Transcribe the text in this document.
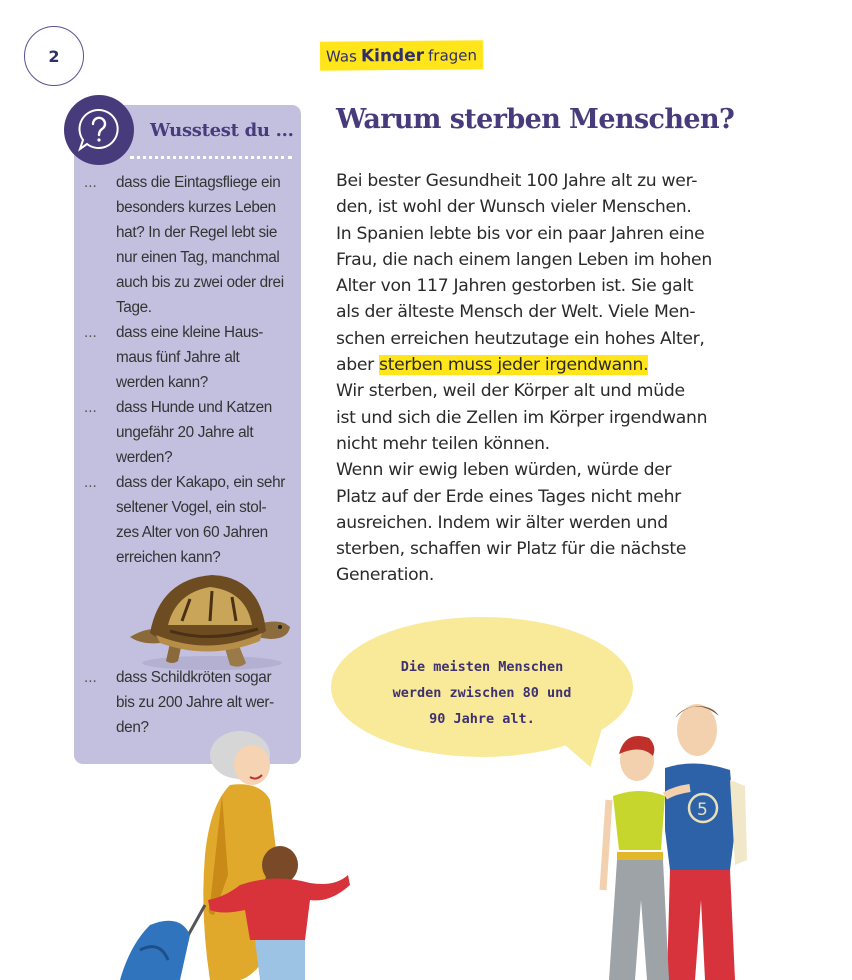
2	Was Kinder fragen
Wusstest du ...
...	dass die Eintagsfliege ein
besonders kurzes Leben
hat? In der Regel lebt sie
nur einen Tag, manchmal
auch bis zu zwei oder drei
Tage.
...	dass eine kleine Haus-
maus fünf Jahre alt
werden kann?
...	dass Hunde und Katzen
ungefähr 20 Jahre alt
werden?
...	dass der Kakapo, ein sehr
seltener Vogel, ein stol-
zes Alter von 60 Jahren
erreichen kann?
...	dass Schildkröten sogar
bis zu 200 Jahre alt wer-
den?
Warum sterben Menschen?

Bei bester Gesundheit 100 Jahre alt zu wer-

den, ist wohl der Wunsch vieler Menschen.

In Spanien lebte bis vor ein paar Jahren eine

Frau, die nach einem langen Leben im hohen

Alter von 117 Jahren gestorben ist. Sie galt

als der älteste Mensch der Welt. Viele Men-

schen erreichen heutzutage ein hohes Alter,

aber sterben muss jeder irgendwann.

Wir sterben, weil der Körper alt und müde

ist und sich die Zellen im Körper irgendwann

nicht mehr teilen können.

Wenn wir ewig leben würden, würde der

Platz auf der Erde eines Tages nicht mehr

ausreichen. Indem wir älter werden und

sterben, schaffen wir Platz für die nächste

Generation.

Die meisten Menschen
werden zwischen 80 und
90 Jahre alt.
5
